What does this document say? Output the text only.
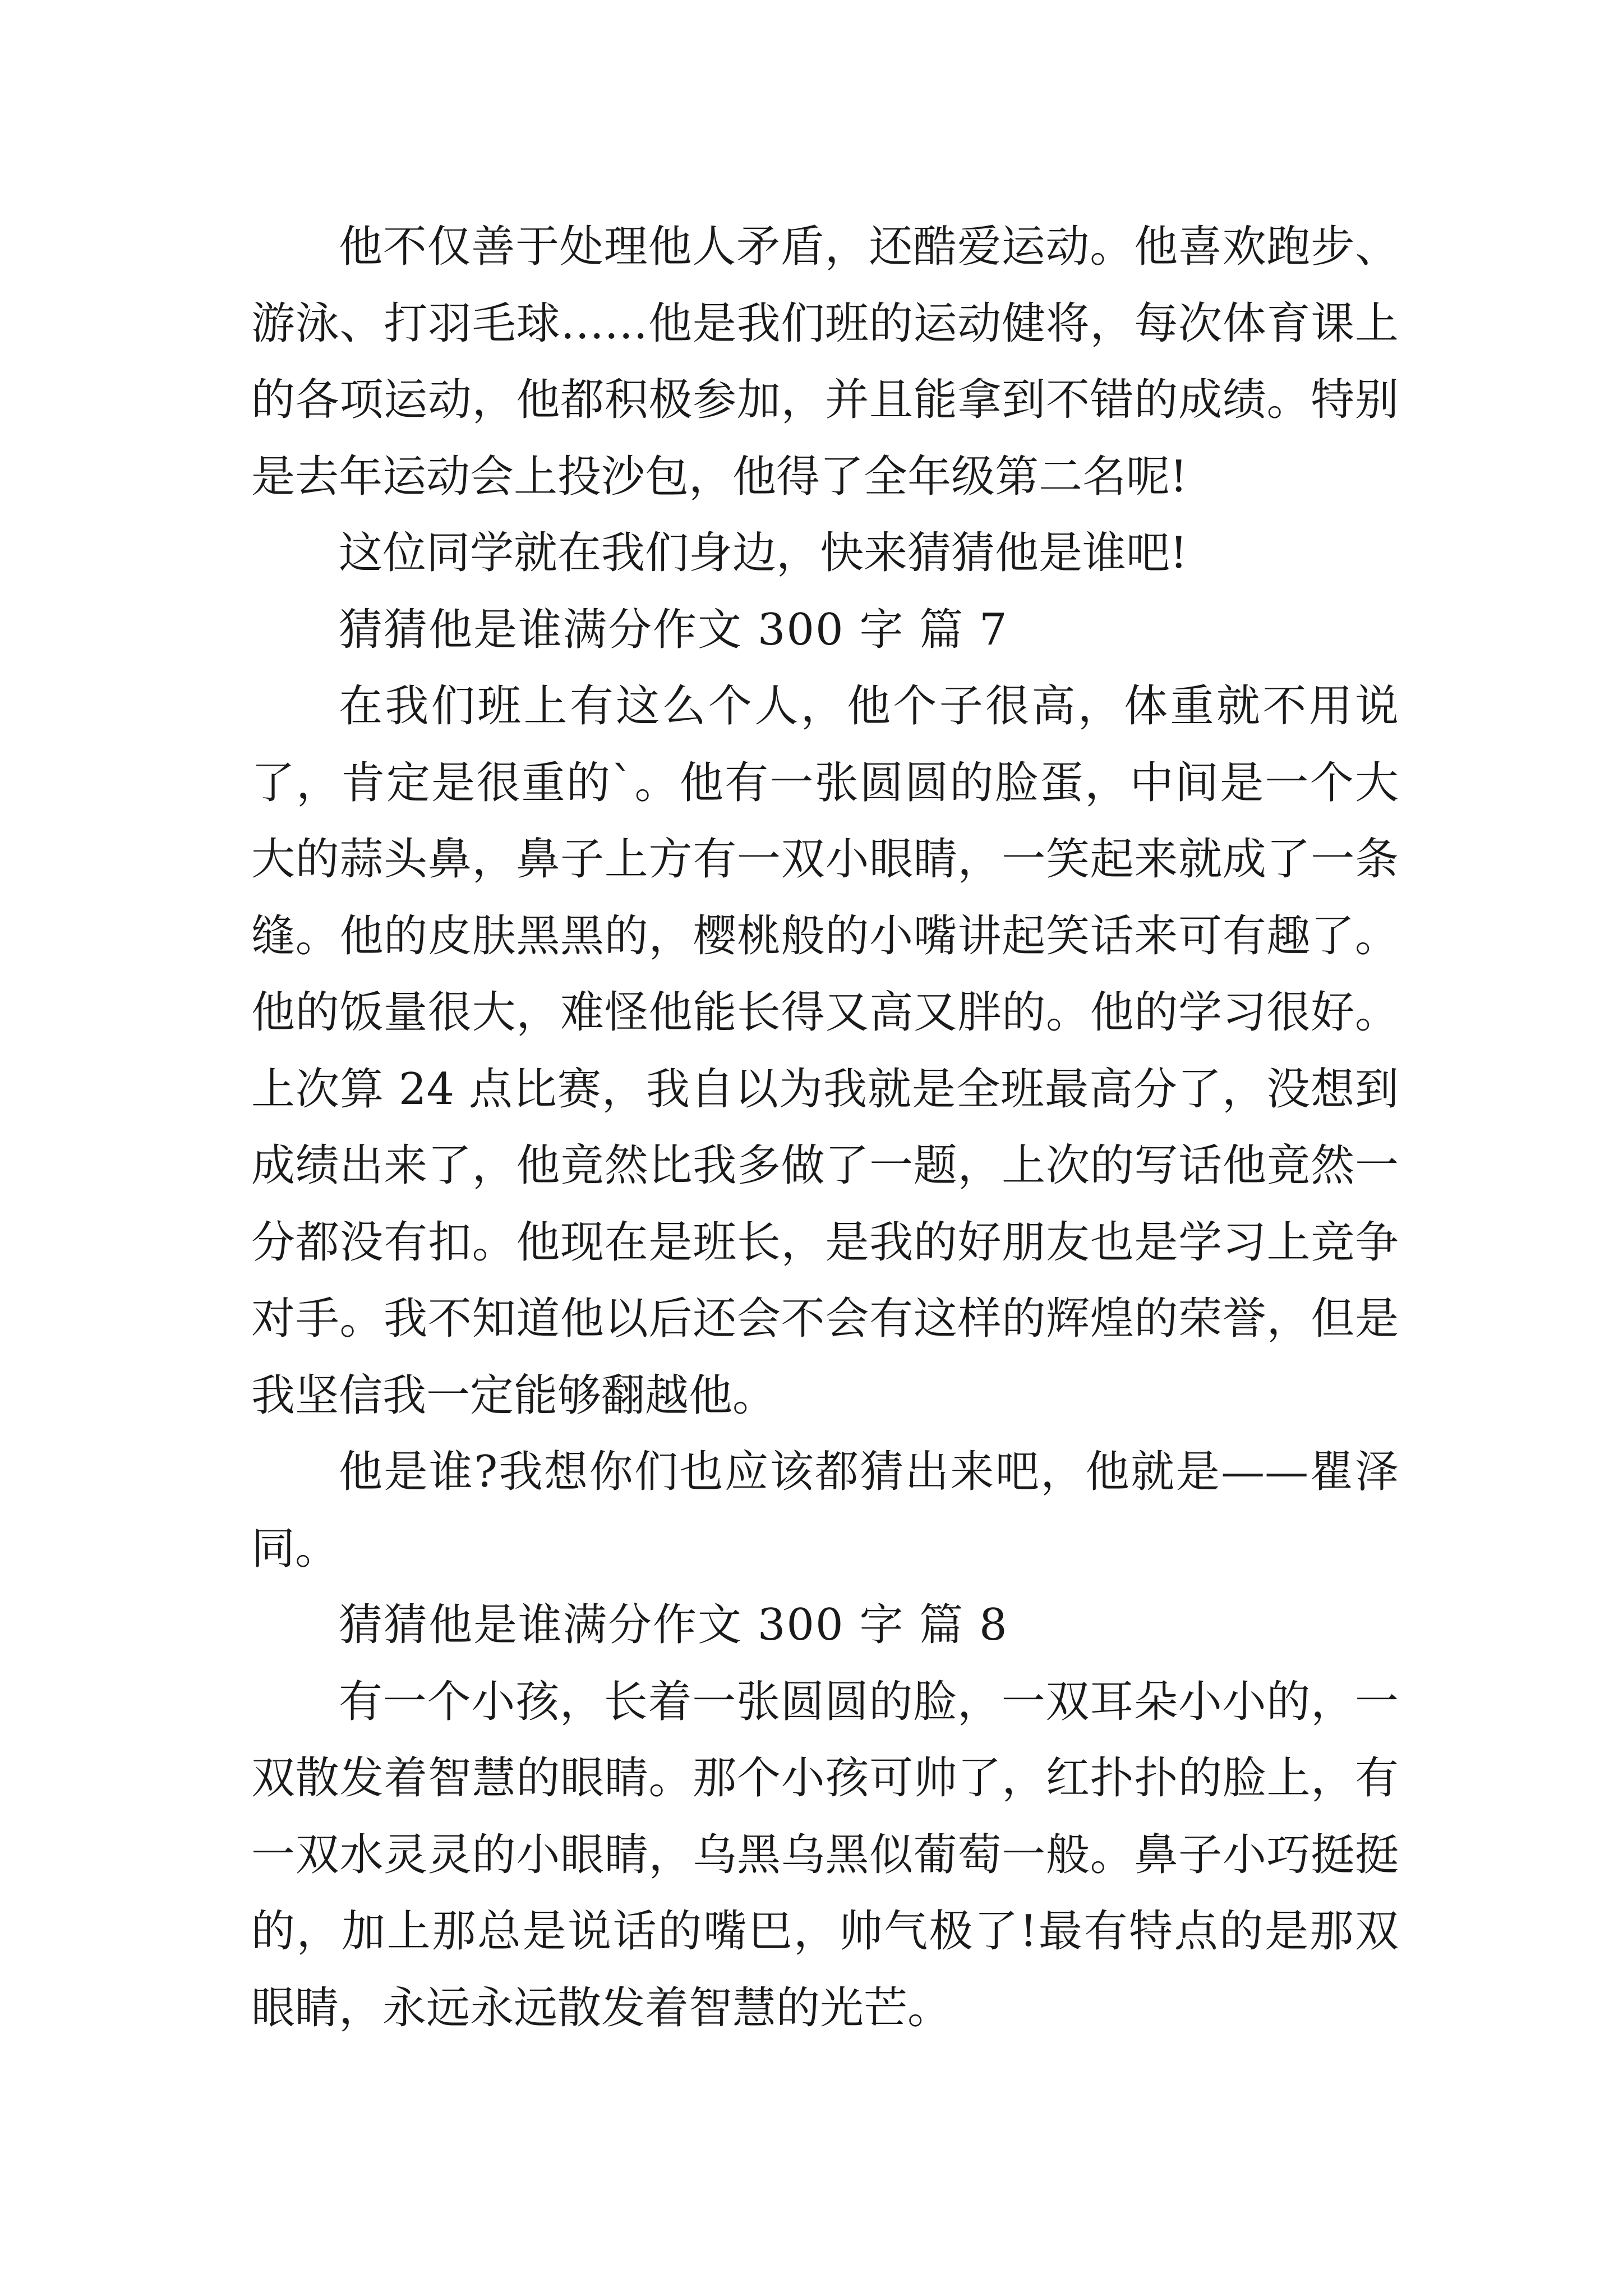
他不仅善于处理他人矛盾，还酷爱运动。他喜欢跑步、游泳、打羽毛球……他是我们班的运动健将，每次体育课上的各项运动，他都积极参加，并且能拿到不错的成绩。特别是去年运动会上投沙包，他得了全年级第二名呢!

这位同学就在我们身边，快来猜猜他是谁吧!

猜猜他是谁满分作文 300 字 篇 7

在我们班上有这么个人，他个子很高，体重就不用说了，肯定是很重的`。他有一张圆圆的脸蛋，中间是一个大大的蒜头鼻，鼻子上方有一双小眼睛，一笑起来就成了一条缝。他的皮肤黑黑的，樱桃般的小嘴讲起笑话来可有趣了。他的饭量很大，难怪他能长得又高又胖的。他的学习很好。上次算 24 点比赛，我自以为我就是全班最高分了，没想到成绩出来了，他竟然比我多做了一题，上次的写话他竟然一分都没有扣。他现在是班长，是我的好朋友也是学习上竞争对手。我不知道他以后还会不会有这样的辉煌的荣誉，但是我坚信我一定能够翻越他。

他是谁?我想你们也应该都猜出来吧，他就是——瞿泽同。

猜猜他是谁满分作文 300 字 篇 8

有一个小孩，长着一张圆圆的脸，一双耳朵小小的，一双散发着智慧的眼睛。那个小孩可帅了，红扑扑的脸上，有一双水灵灵的小眼睛，乌黑乌黑似葡萄一般。鼻子小巧挺挺的，加上那总是说话的嘴巴，帅气极了!最有特点的是那双眼睛，永远永远散发着智慧的光芒。
